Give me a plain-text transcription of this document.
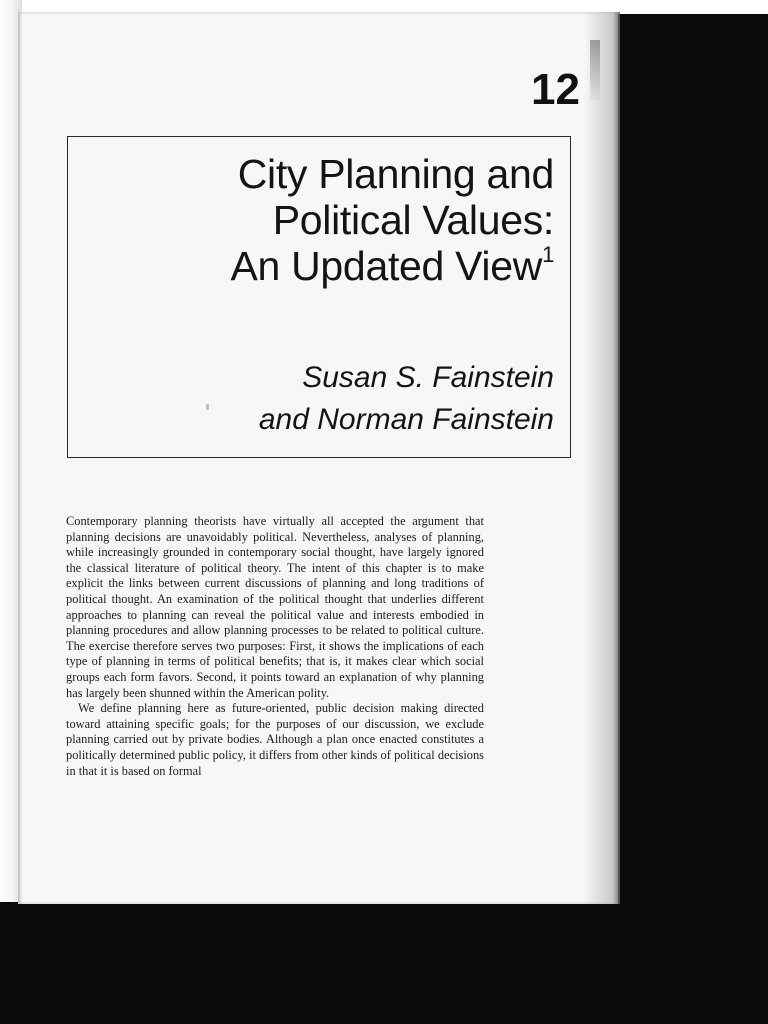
12
City Planning and
Political Values:
An Updated View$^1$
Susan S. Fainstein
and Norman Fainstein

Contemporary planning theorists have virtually all accepted the argument that planning decisions are unavoidably political. Nevertheless, analyses of planning, while increasingly grounded in contemporary social thought, have largely ignored the classical literature of political theory. The intent of this chapter is to make explicit the links between current discussions of planning and long traditions of political thought. An examination of the political thought that underlies different approaches to planning can reveal the political value and interests embodied in planning procedures and allow planning processes to be related to political culture. The exercise therefore serves two purposes: First, it shows the implications of each type of planning in terms of political benefits; that is, it makes clear which social groups each form favors. Second, it points toward an explanation of why planning has largely been shunned within the American polity.

We define planning here as future-oriented, public decision making directed toward attaining specific goals; for the purposes of our discussion, we exclude planning carried out by private bodies. Although a plan once enacted constitutes a politically determined public policy, it differs from other kinds of political decisions in that it is based on formal
